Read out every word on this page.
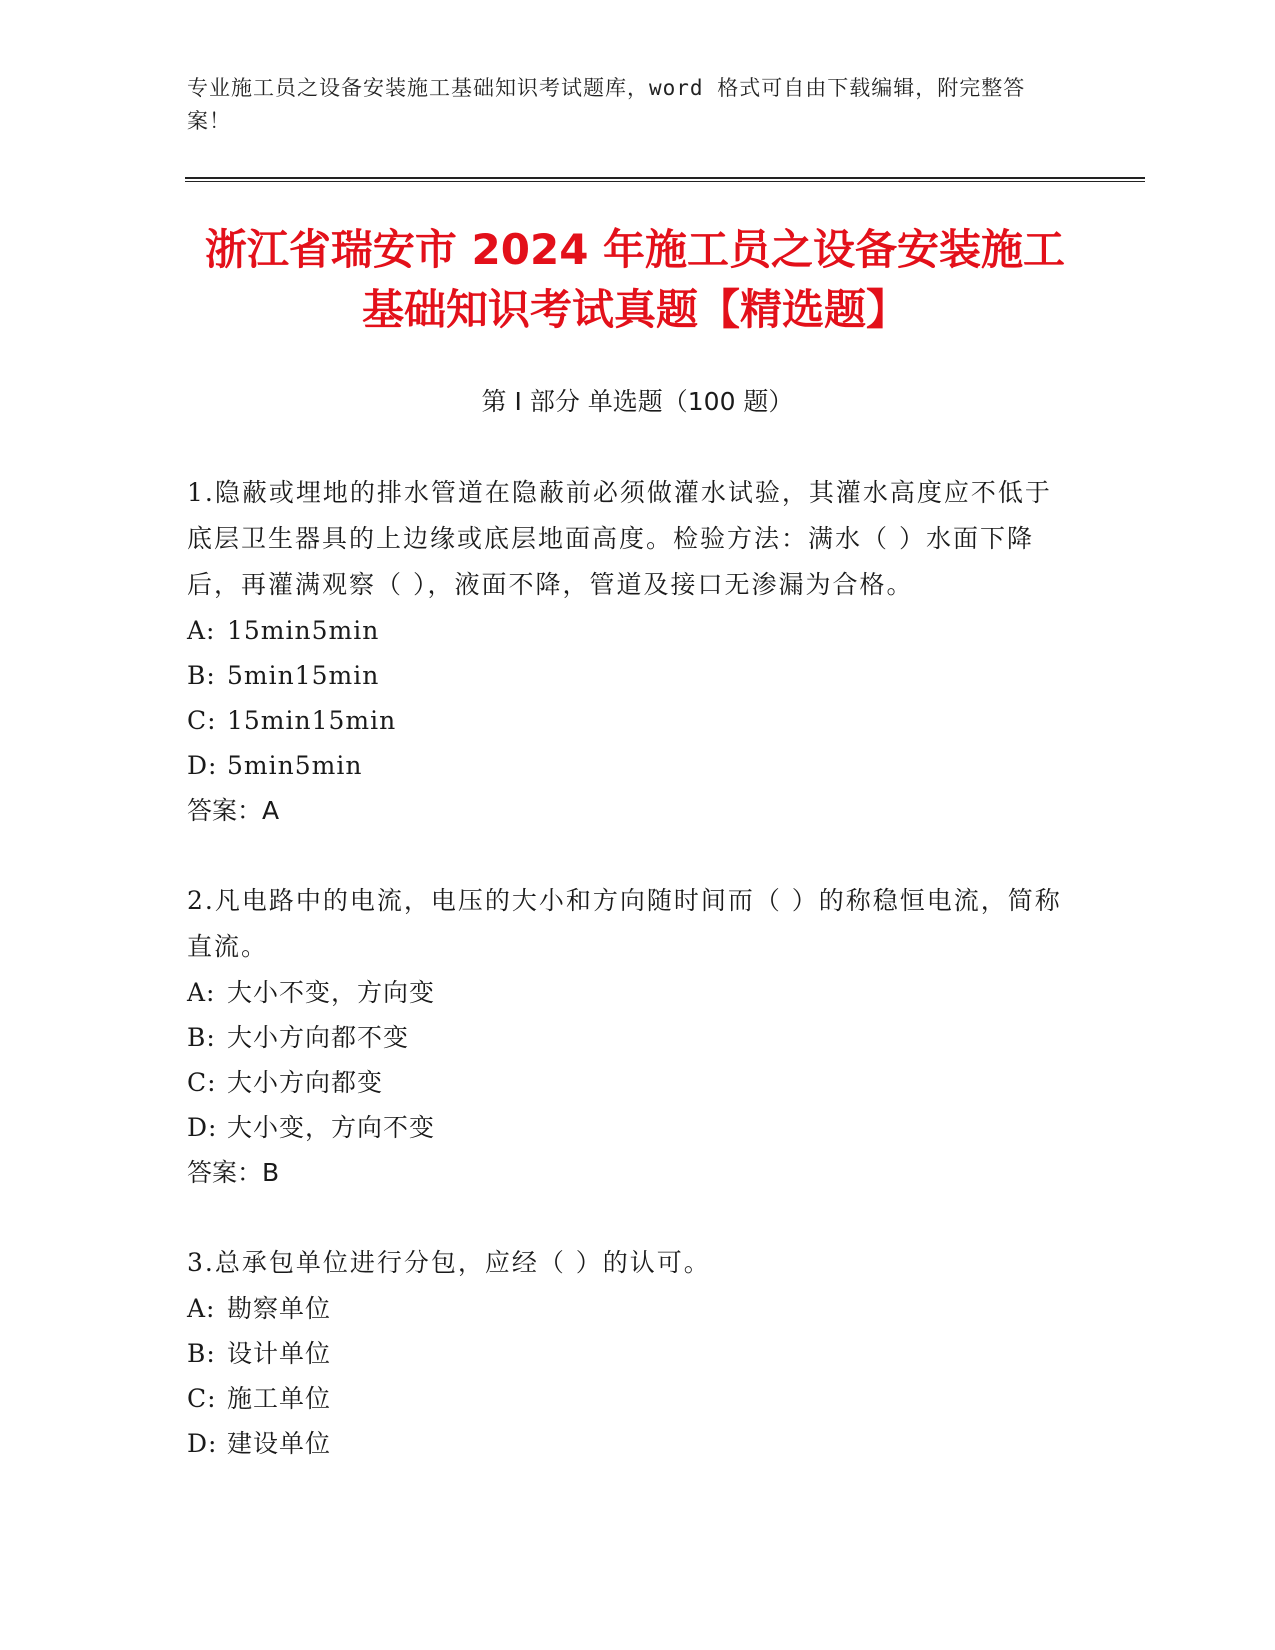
专业施工员之设备安装施工基础知识考试题库，word 格式可自由下载编辑，附完整答案！
浙江省瑞安市 2024 年施工员之设备安装施工
基础知识考试真题【精选题】
第 I 部分 单选题（100 题）
1.隐蔽或埋地的排水管道在隐蔽前必须做灌水试验，其灌水高度应不低于底层卫生器具的上边缘或底层地面高度。检验方法：满水（ ）水面下降后，再灌满观察（ ），液面不降，管道及接口无渗漏为合格。
A: 15min5min
B: 5min15min
C: 15min15min
D: 5min5min
答案：A
2.凡电路中的电流，电压的大小和方向随时间而（ ）的称稳恒电流，简称直流。
A: 大小不变，方向变
B: 大小方向都不变
C: 大小方向都变
D: 大小变，方向不变
答案：B
3.总承包单位进行分包，应经（ ）的认可。
A: 勘察单位
B: 设计单位
C: 施工单位
D: 建设单位
